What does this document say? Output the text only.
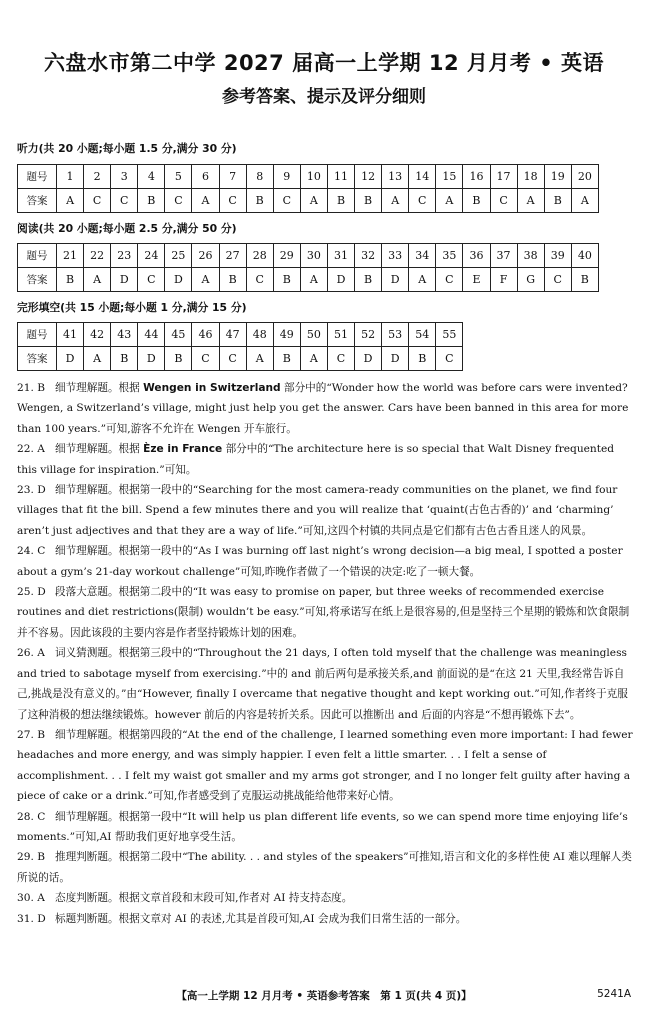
六盘水市第二中学 2027 届高一上学期 12 月月考 • 英语
参考答案、提示及评分细则
听力(共 20 小题;每小题 1.5 分,满分 30 分)
题号	1	2	3	4	5	6	7	8	9	10	11	12	13	14	15	16	17	18	19	20
答案	A	C	C	B	C	A	C	B	C	A	B	B	A	C	A	B	C	A	B	A
阅读(共 20 小题;每小题 2.5 分,满分 50 分)
题号	21	22	23	24	25	26	27	28	29	30	31	32	33	34	35	36	37	38	39	40
答案	B	A	D	C	D	A	B	C	B	A	D	B	D	A	C	E	F	G	C	B
完形填空(共 15 小题;每小题 1 分,满分 15 分)
题号	41	42	43	44	45	46	47	48	49	50	51	52	53	54	55
答案	D	A	B	D	B	C	C	A	B	A	C	D	D	B	C

21. B 细节理解题。根据 Wengen in Switzerland 部分中的“Wonder how the world was before cars were invented? Wengen, a Switzerland’s village, might just help you get the answer. Cars have been banned in this area for more than 100 years.”可知,游客不允许在 Wengen 开车旅行。

22. A 细节理解题。根据 Èze in France 部分中的“The architecture here is so special that Walt Disney frequented this village for inspiration.”可知。

23. D 细节理解题。根据第一段中的“Searching for the most camera-ready communities on the planet, we find four villages that fit the bill. Spend a few minutes there and you will realize that ‘quaint(古色古香的)’ and ‘charming’ aren’t just adjectives and that they are a way of life.”可知,这四个村镇的共同点是它们都有古色古香且迷人的风景。

24. C 细节理解题。根据第一段中的“As I was burning off last night’s wrong decision—a big meal, I spotted a poster about a gym’s 21-day workout challenge”可知,昨晚作者做了一个错误的决定:吃了一顿大餐。

25. D 段落大意题。根据第二段中的“It was easy to promise on paper, but three weeks of recommended exercise routines and diet restrictions(限制) wouldn’t be easy.”可知,将承诺写在纸上是很容易的,但是坚持三个星期的锻炼和饮食限制并不容易。因此该段的主要内容是作者坚持锻炼计划的困难。

26. A 词义猜测题。根据第三段中的“Throughout the 21 days, I often told myself that the challenge was meaningless and tried to sabotage myself from exercising.”中的 and 前后两句是承接关系,and 前面说的是“在这 21 天里,我经常告诉自己,挑战是没有意义的。”由“However, finally I overcame that negative thought and kept working out.”可知,作者终于克服了这种消极的想法继续锻炼。however 前后的内容是转折关系。因此可以推断出 and 后面的内容是“不想再锻炼下去”。

27. B 细节理解题。根据第四段的“At the end of the challenge, I learned something even more important: I had fewer headaches and more energy, and was simply happier. I even felt a little smarter. . . I felt a sense of accomplishment. . . I felt my waist got smaller and my arms got stronger, and I no longer felt guilty after having a piece of cake or a drink.”可知,作者感受到了克服运动挑战能给他带来好心情。

28. C 细节理解题。根据第一段中“It will help us plan different life events, so we can spend more time enjoying life’s moments.”可知,AI 帮助我们更好地享受生活。

29. B 推理判断题。根据第二段中“The ability. . . and styles of the speakers”可推知,语言和文化的多样性使 AI 难以理解人类所说的话。

30. A 态度判断题。根据文章首段和末段可知,作者对 AI 持支持态度。

31. D 标题判断题。根据文章对 AI 的表述,尤其是首段可知,AI 会成为我们日常生活的一部分。

【高一上学期 12 月月考 • 英语参考答案　第 1 页(共 4 页)】	5241A
